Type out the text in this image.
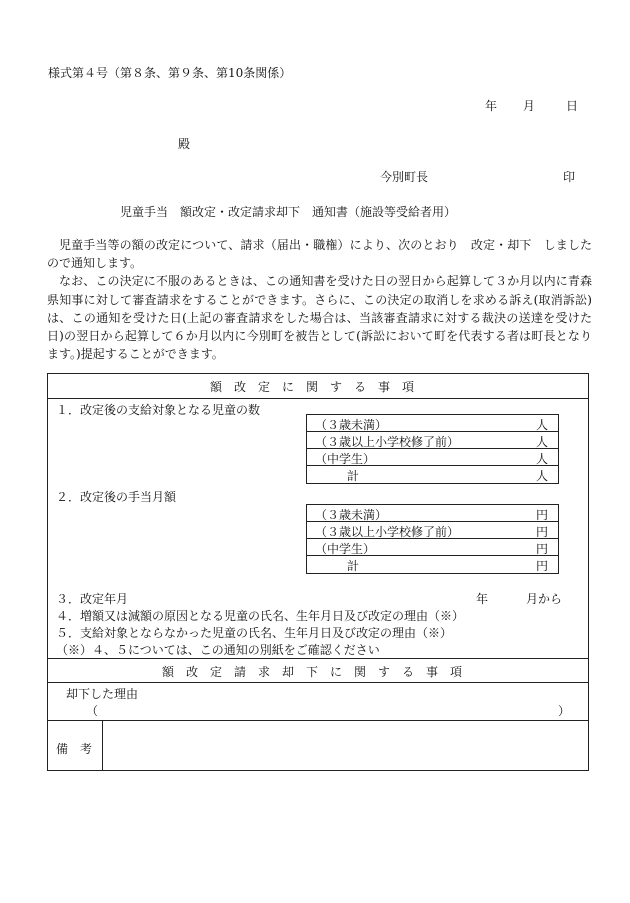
様式第４号（第８条、第９条、第10条関係）
年 月	日
殿
今別町長	印
児童手当　額改定・改定請求却下　通知書（施設等受給者用）

児童手当等の額の改定について、請求（届出・職権）により、次のとおり　改定・却下　しましたので通知します。

なお、この決定に不服のあるときは、この通知書を受けた日の翌日から起算して３か月以内に青森県知事に対して審査請求をすることができます。さらに、この決定の取消しを求める訴え(取消訴訟)は、この通知を受けた日(上記の審査請求をした場合は、当該審査請求に対する裁決の送達を受けた日)の翌日から起算して６か月以内に今別町を被告として(訴訟において町を代表する者は町長となります。)提起することができます。

額改定に関する事項
１．改定後の支給対象となる児童の数
（３歳未満）	人
（３歳以上小学校修了前）	人
（中学生）	人
計	人
２．改定後の手当月額
（３歳未満）	円
（３歳以上小学校修了前）	円
（中学生）	円
計	円
３．改定年月	年	月から
４．増額又は減額の原因となる児童の氏名、生年月日及び改定の理由（※）
５．支給対象とならなかった児童の氏名、生年月日及び改定の理由（※）
（※）４、５については、この通知の別紙をご確認ください
額改定請求却下に関する事項
却下した理由
（	）
備　考
